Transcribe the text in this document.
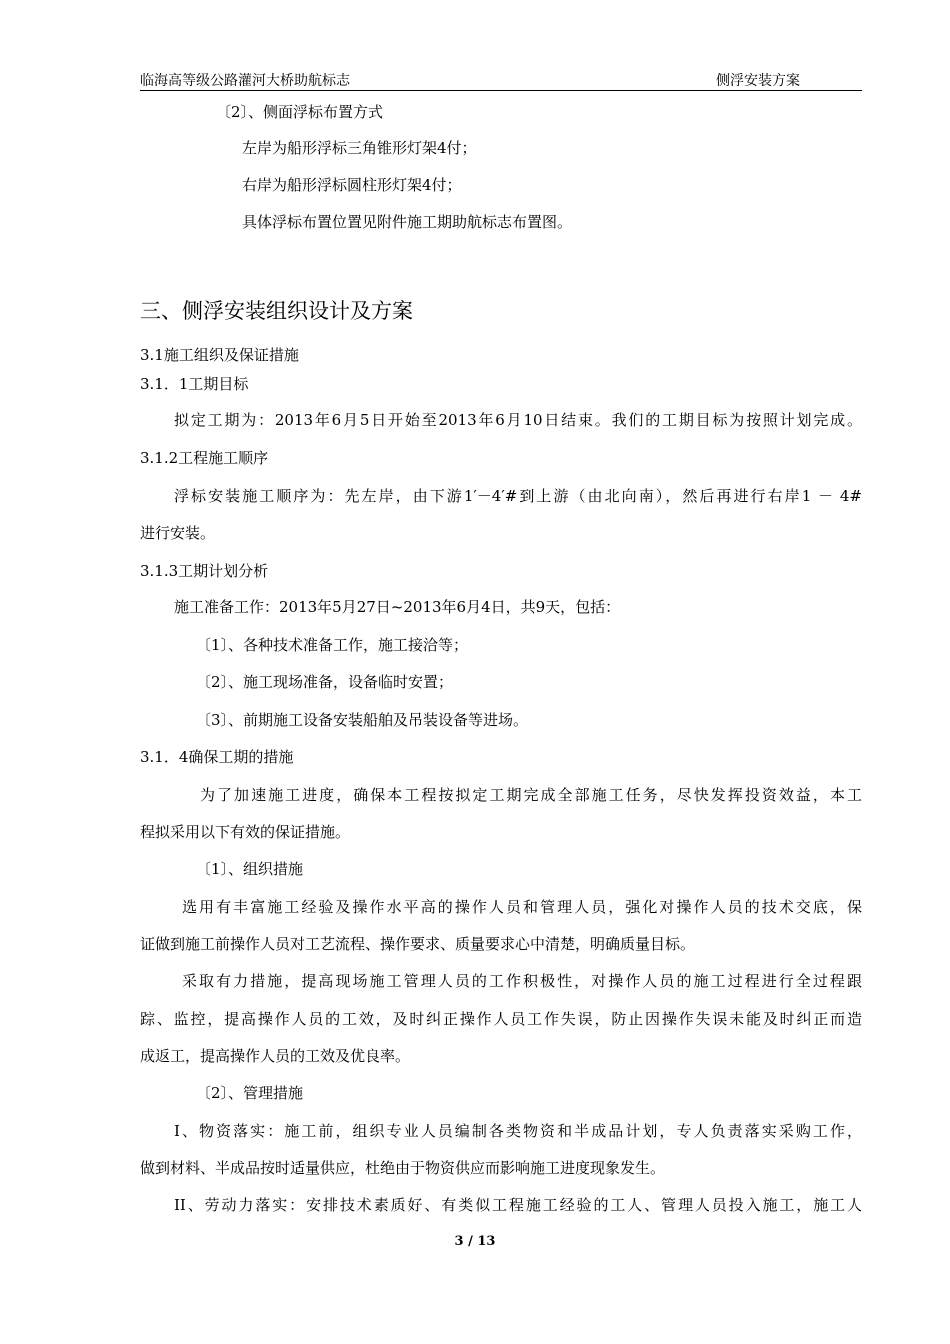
临海高等级公路灌河大桥助航标志	侧浮安装方案
〔2〕、侧面浮标布置方式
左岸为船形浮标三角锥形灯架4付；
右岸为船形浮标圆柱形灯架4付；
具体浮标布置位置见附件施工期助航标志布置图。
三、侧浮安装组织设计及方案
3.1施工组织及保证措施
3.1．1工期目标
拟定工期为：2013年6月5日开始至2013年6月10日结束。我们的工期目标为按照计划完成。
3.1.2工程施工顺序
浮标安装施工顺序为：先左岸，由下游1′－4′#到上游（由北向南），然后再进行右岸1 － 4#
进行安装。
3.1.3工期计划分析
施工准备工作：2013年5月27日~2013年6月4日，共9天，包括：
〔1〕、各种技术准备工作，施工接洽等；
〔2〕、施工现场准备，设备临时安置；
〔3〕、前期施工设备安装船舶及吊装设备等进场。
3.1．4确保工期的措施
为了加速施工进度，确保本工程按拟定工期完成全部施工任务，尽快发挥投资效益，本工
程拟采用以下有效的保证措施。
〔1〕、组织措施
选用有丰富施工经验及操作水平高的操作人员和管理人员，强化对操作人员的技术交底，保
证做到施工前操作人员对工艺流程、操作要求、质量要求心中清楚，明确质量目标。
采取有力措施，提高现场施工管理人员的工作积极性，对操作人员的施工过程进行全过程跟
踪、监控，提高操作人员的工效，及时纠正操作人员工作失误，防止因操作失误未能及时纠正而造
成返工，提高操作人员的工效及优良率。
〔2〕、管理措施
I、物资落实：施工前，组织专业人员编制各类物资和半成品计划，专人负责落实采购工作，
做到材料、半成品按时适量供应，杜绝由于物资供应而影响施工进度现象发生。
II、劳动力落实：安排技术素质好、有类似工程施工经验的工人、管理人员投入施工，施工人
3 / 13
